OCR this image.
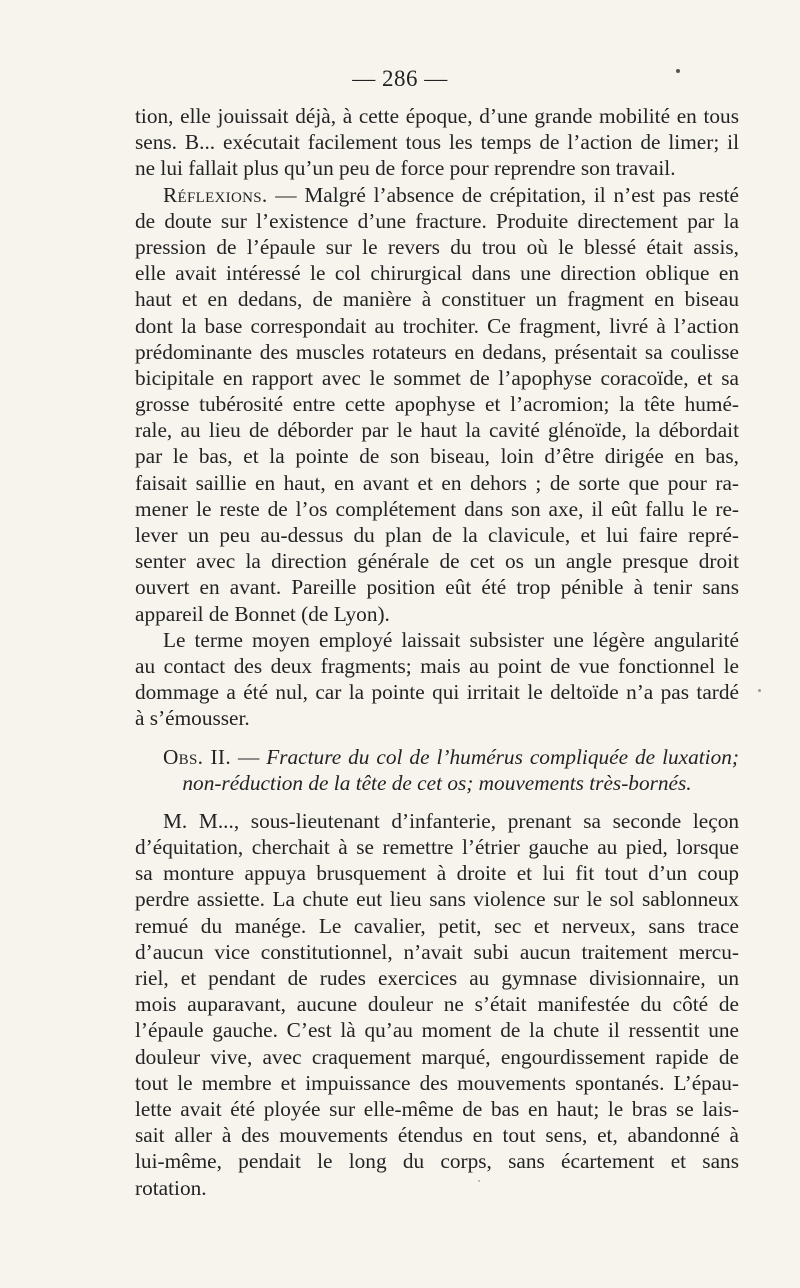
— 286 —
tion, elle jouissait déjà, à cette époque, d’une grande mobilité en tous
sens. B... exécutait facilement tous les temps de l’action de limer; il
ne lui fallait plus qu’un peu de force pour reprendre son travail.
Réflexions. — Malgré l’absence de crépitation, il n’est pas resté
de doute sur l’existence d’une fracture. Produite directement par la
pression de l’épaule sur le revers du trou où le blessé était assis,
elle avait intéressé le col chirurgical dans une direction oblique en
haut et en dedans, de manière à constituer un fragment en biseau
dont la base correspondait au trochiter. Ce fragment, livré à l’action
prédominante des muscles rotateurs en dedans, présentait sa coulisse
bicipitale en rapport avec le sommet de l’apophyse coracoïde, et sa
grosse tubérosité entre cette apophyse et l’acromion; la tête humé-
rale, au lieu de déborder par le haut la cavité glénoïde, la débordait
par le bas, et la pointe de son biseau, loin d’être dirigée en bas,
faisait saillie en haut, en avant et en dehors ; de sorte que pour ra-
mener le reste de l’os complétement dans son axe, il eût fallu le re-
lever un peu au-dessus du plan de la clavicule, et lui faire repré-
senter avec la direction générale de cet os un angle presque droit
ouvert en avant. Pareille position eût été trop pénible à tenir sans
appareil de Bonnet (de Lyon).
Le terme moyen employé laissait subsister une légère angularité
au contact des deux fragments; mais au point de vue fonctionnel le
dommage a été nul, car la pointe qui irritait le deltoïde n’a pas tardé
à s’émousser.
Obs. II. — Fracture du col de l’humérus compliquée de luxation;
non-réduction de la tête de cet os; mouvements très-bornés.
M. M..., sous-lieutenant d’infanterie, prenant sa seconde leçon
d’équitation, cherchait à se remettre l’étrier gauche au pied, lorsque
sa monture appuya brusquement à droite et lui fit tout d’un coup
perdre assiette. La chute eut lieu sans violence sur le sol sablonneux
remué du manége. Le cavalier, petit, sec et nerveux, sans trace
d’aucun vice constitutionnel, n’avait subi aucun traitement mercu-
riel, et pendant de rudes exercices au gymnase divisionnaire, un
mois auparavant, aucune douleur ne s’était manifestée du côté de
l’épaule gauche. C’est là qu’au moment de la chute il ressentit une
douleur vive, avec craquement marqué, engourdissement rapide de
tout le membre et impuissance des mouvements spontanés. L’épau-
lette avait été ployée sur elle-même de bas en haut; le bras se lais-
sait aller à des mouvements étendus en tout sens, et, abandonné à
lui-même, pendait le long du corps, sans écartement et sans
rotation.
